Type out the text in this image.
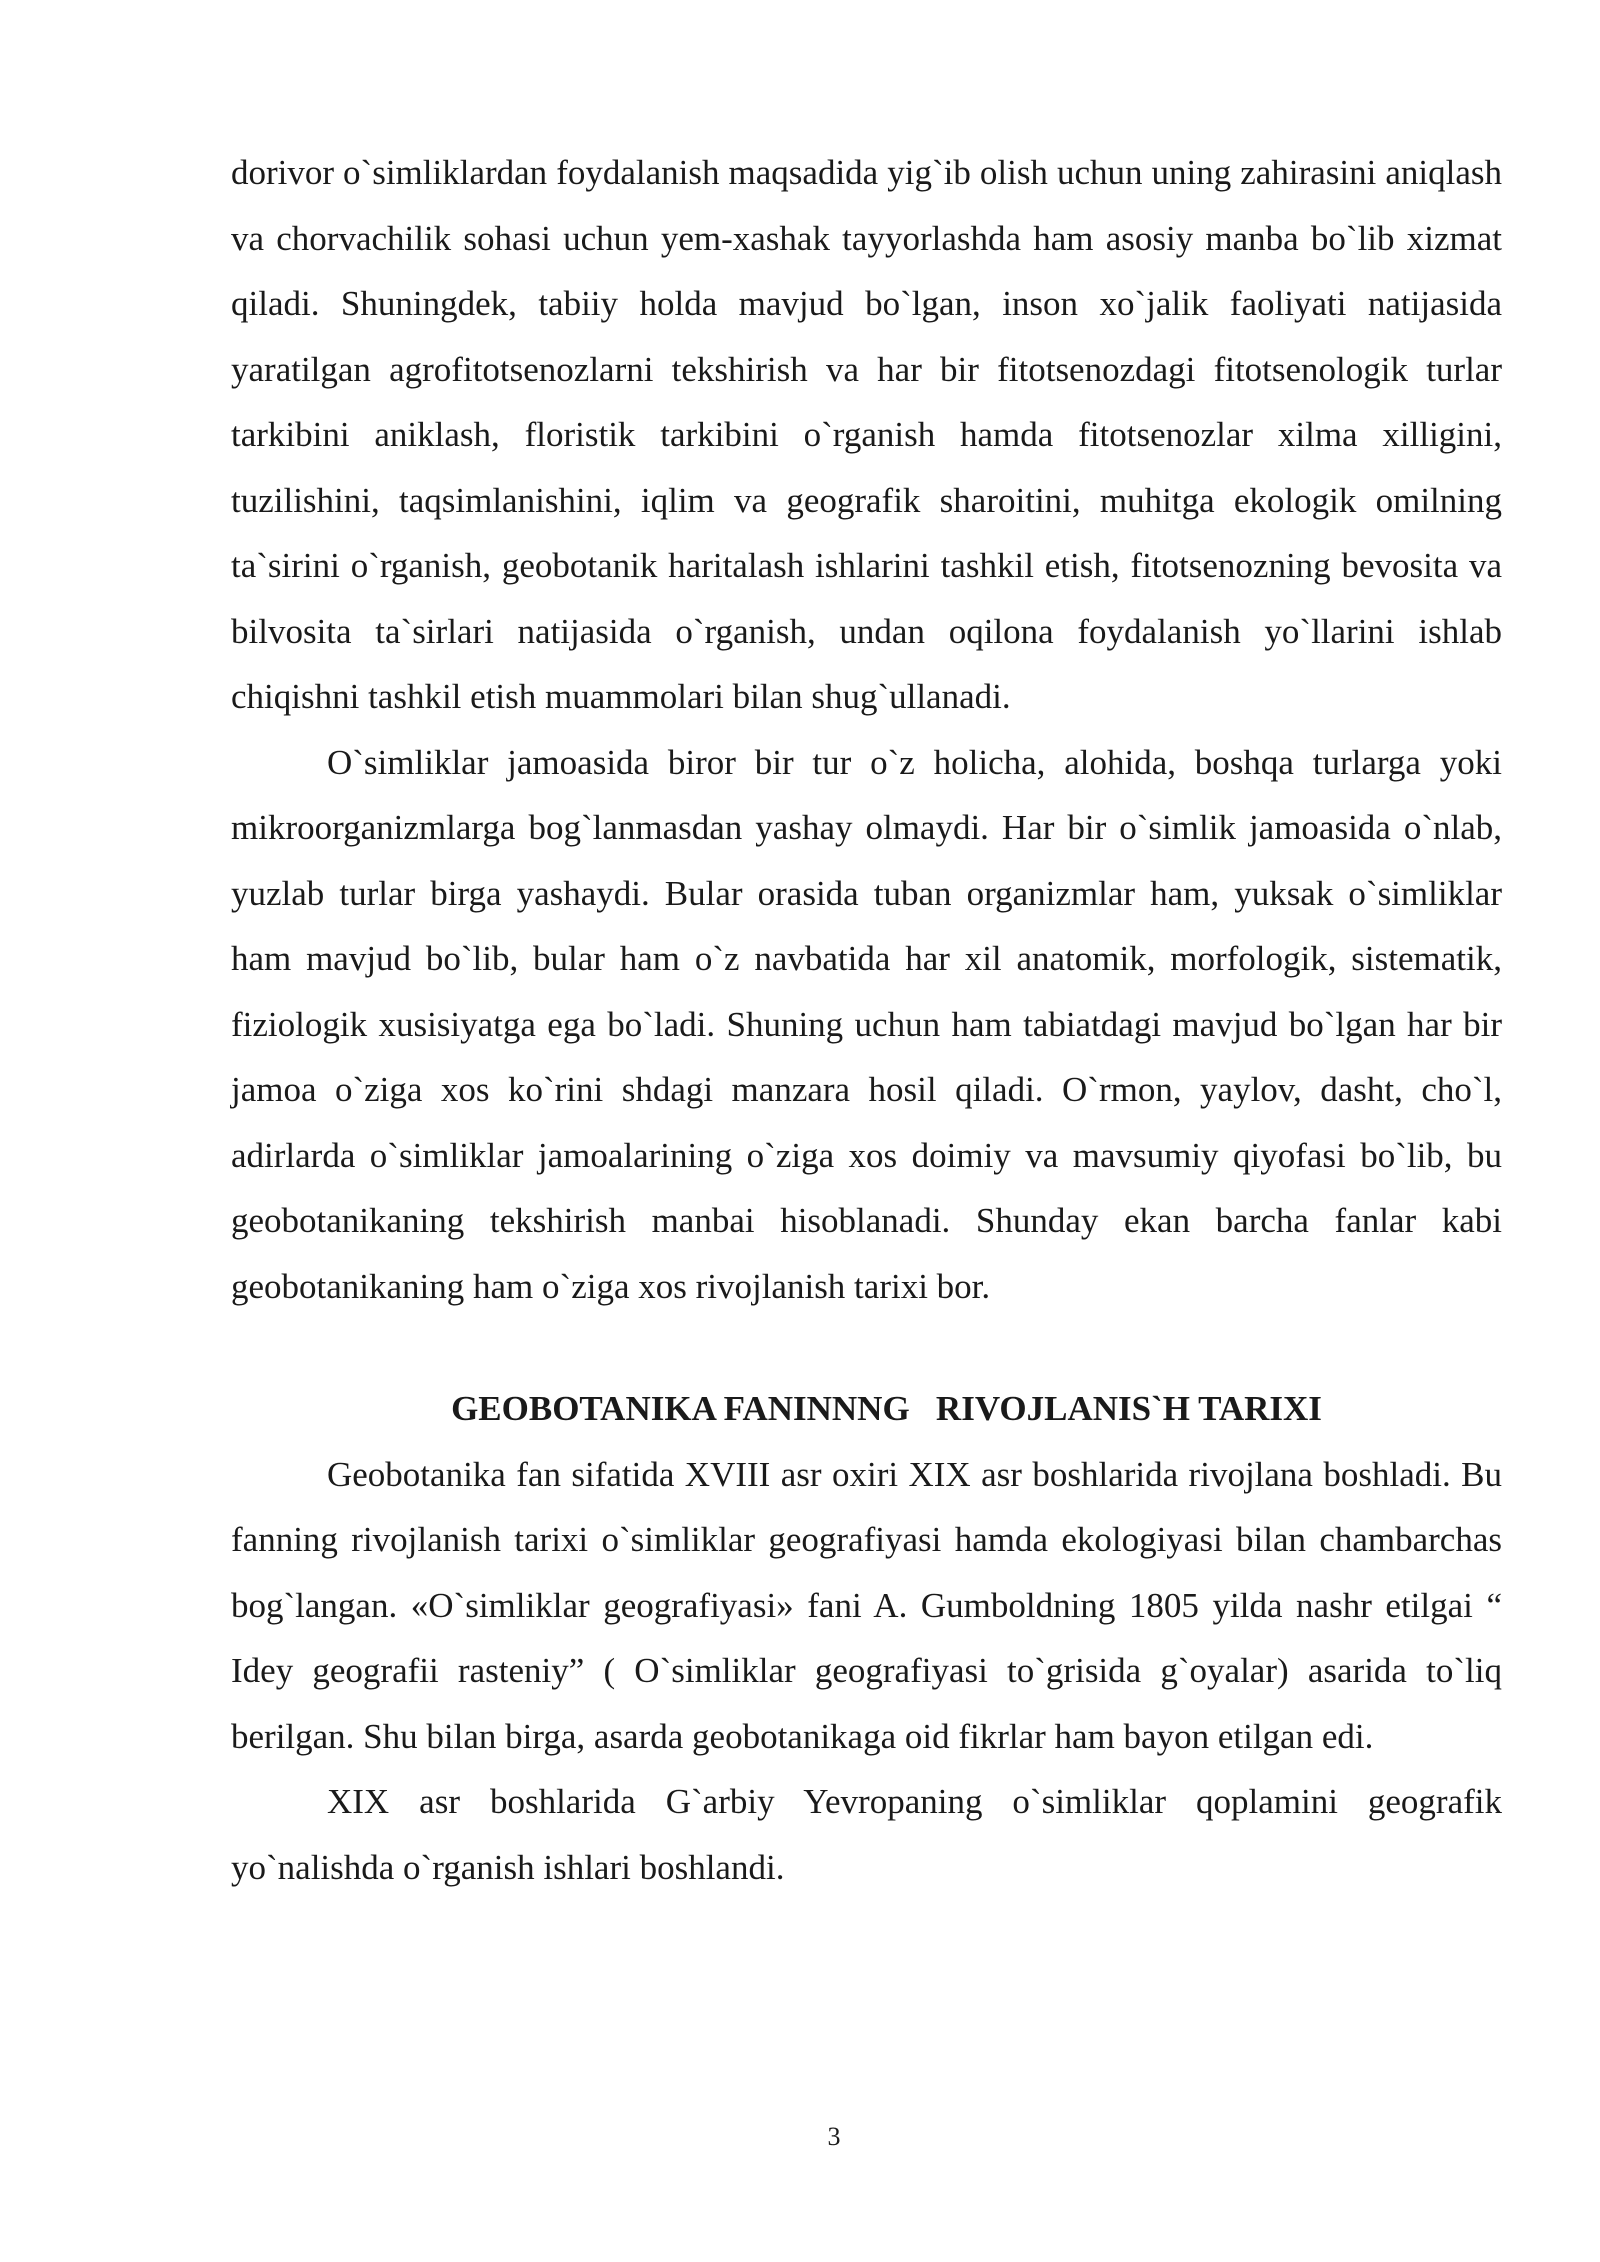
dorivor o`simliklardan foydalanish maqsadida yig`ib olish uchun uning zahirasini aniqlash va chorvachilik sohasi uchun yem-xashak tayyorlashda ham asosiy manba bo`lib xizmat qiladi. Shuningdek, tabiiy holda mavjud bo`lgan, inson xo`jalik faoliyati natijasida yaratilgan agrofitotsenozlarni tekshirish va har bir fitotsenozdagi fitotsenologik turlar tarkibini aniklash, floristik tarkibini o`rganish hamda fitotsenozlar xilma xilligini, tuzilishini, taqsimlanishini, iqlim va geografik sharoitini, muhitga ekologik omilning ta`sirini o`rganish, geobotanik haritalash ishlarini tashkil etish, fitotsenozning bevosita va bilvosita ta`sirlari natijasida o`rganish, undan oqilona foydalanish yo`llarini ishlab chiqishni tashkil etish muammolari bilan shug`ullanadi.

O`simliklar jamoasida biror bir tur o`z holicha, alohida, boshqa turlarga yoki mikroorganizmlarga bog`lanmasdan yashay olmaydi. Har bir o`simlik jamoasida o`nlab, yuzlab turlar birga yashaydi. Bular orasida tuban organizmlar ham, yuksak o`simliklar ham mavjud bo`lib, bular ham o`z navbatida har xil anatomik, morfologik, sistematik, fiziologik xusisiyatga ega bo`ladi. Shuning uchun ham tabiatdagi mavjud bo`lgan har bir jamoa o`ziga xos ko`rini shdagi manzara hosil qiladi. O`rmon, yaylov, dasht, cho`l, adirlarda o`simliklar jamoalarining o`ziga xos doimiy va mavsumiy qiyofasi bo`lib, bu geobotanikaning tekshirish manbai hisoblanadi. Shunday ekan barcha fanlar kabi geobotanikaning ham o`ziga xos rivojlanish tarixi bor.

GEOBOTANIKA FANINNNG   RIVOJLANIS`H TARIXI

Geobotanika fan sifatida XVIII asr oxiri XIX asr boshlarida rivojlana boshladi. Bu fanning rivojlanish tarixi o`simliklar geografiyasi hamda ekologiyasi bilan chambarchas bog`langan. «O`simliklar geografiyasi» fani A. Gumboldning 1805 yilda nashr etilgai “ Idey geografii rasteniy” ( O`simliklar geografiyasi to`grisida g`oyalar) asarida to`liq berilgan. Shu bilan birga, asarda geobotanikaga oid fikrlar ham bayon etilgan edi.

XIX asr boshlarida G`arbiy Yevropaning o`simliklar qoplamini geografik yo`nalishda o`rganish ishlari boshlandi.

3
